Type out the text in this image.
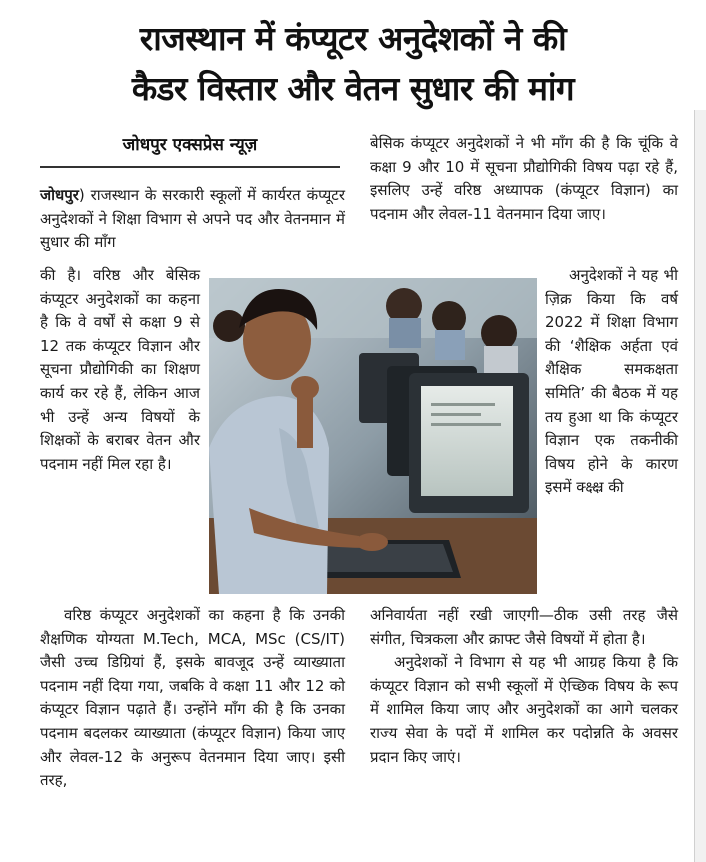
राजस्थान में कंप्यूटर अनुदेशकों ने की
कैडर विस्तार और वेतन सुधार की मांग
जोधपुर एक्सप्रेस न्यूज़

जोधपुर) राजस्थान के सरकारी स्कूलों में कार्यरत कंप्यूटर अनुदेशकों ने शिक्षा विभाग से अपने पद और वेतनमान में सुधार की माँग

की है। वरिष्ठ और बेसिक कंप्यूटर अनुदेशकों का कहना है कि वे वर्षों से कक्षा 9 से 12 तक कंप्यूटर विज्ञान और सूचना प्रौद्योगिकी का शिक्षण कार्य कर रहे हैं, लेकिन आज भी उन्हें अन्य विषयों के शिक्षकों के बराबर वेतन और पदनाम नहीं मिल रहा है।

वरिष्ठ कंप्यूटर अनुदेशकों का कहना है कि उनकी शैक्षणिक योग्यता M.Tech, MCA, MSc (CS/IT) जैसी उच्च डिग्रियां हैं, इसके बावजूद उन्हें व्याख्याता पदनाम नहीं दिया गया, जबकि वे कक्षा 11 और 12 को कंप्यूटर विज्ञान पढ़ाते हैं। उन्होंने माँग की है कि उनका पदनाम बदलकर व्याख्याता (कंप्यूटर विज्ञान) किया जाए और लेवल-12 के अनुरूप वेतनमान दिया जाए। इसी तरह,

बेसिक कंप्यूटर अनुदेशकों ने भी माँग की है कि चूंकि वे कक्षा 9 और 10 में सूचना प्रौद्योगिकी विषय पढ़ा रहे हैं, इसलिए उन्हें वरिष्ठ अध्यापक (कंप्यूटर विज्ञान) का पदनाम और लेवल-11 वेतनमान दिया जाए।

अनुदेशकों ने यह भी ज़िक्र किया कि वर्ष 2022 में शिक्षा विभाग की ‘शैक्षिक अर्हता एवं शैक्षिक समकक्षता समिति’ की बैठक में यह तय हुआ था कि कंप्यूटर विज्ञान एक तकनीकी विषय होने के कारण इसमें क्क्ष्क्ष्र की

अनिवार्यता नहीं रखी जाएगी—ठीक उसी तरह जैसे संगीत, चित्रकला और क्राफ्ट जैसे विषयों में होता है।

अनुदेशकों ने विभाग से यह भी आग्रह किया है कि कंप्यूटर विज्ञान को सभी स्कूलों में ऐच्छिक विषय के रूप में शामिल किया जाए और अनुदेशकों का आगे चलकर राज्य सेवा के पदों में शामिल कर पदोन्नति के अवसर प्रदान किए जाएं।
